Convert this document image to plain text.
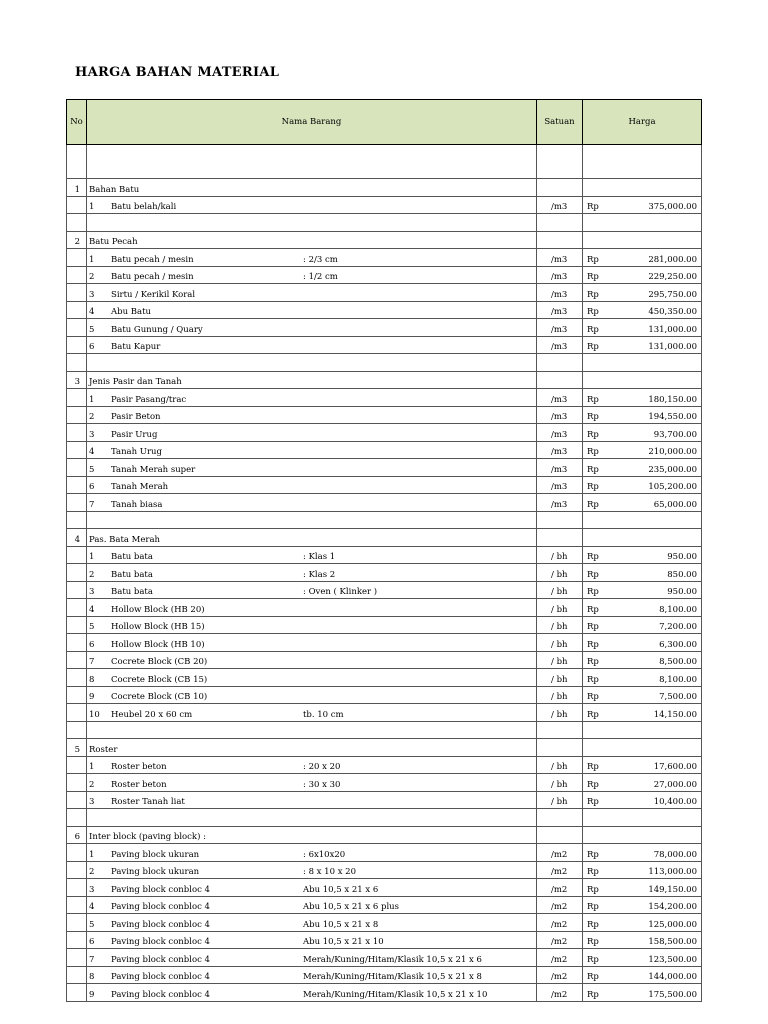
HARGA BAHAN MATERIAL
No	Nama Barang	Satuan	Harga

1	Bahan Batu		

	1 Batu belah/kali	/m3	Rp 375,000.00

2	Batu Pecah		

	1 Batu pecah / mesin : 2/3 cm	/m3	Rp 281,000.00

	2 Batu pecah / mesin : 1/2 cm	/m3	Rp 229,250.00

	3 Sirtu / Kerikil Koral	/m3	Rp 295,750.00

	4 Abu Batu	/m3	Rp 450,350.00

	5 Batu Gunung / Quary	/m3	Rp 131,000.00

	6 Batu Kapur	/m3	Rp 131,000.00

3	Jenis Pasir dan Tanah		

	1 Pasir Pasang/trac	/m3	Rp 180,150.00

	2 Pasir Beton	/m3	Rp 194,550.00

	3 Pasir Urug	/m3	Rp 93,700.00

	4 Tanah Urug	/m3	Rp 210,000.00

	5 Tanah Merah super	/m3	Rp 235,000.00

	6 Tanah Merah	/m3	Rp 105,200.00

	7 Tanah biasa	/m3	Rp 65,000.00

4	Pas. Bata Merah		

	1 Batu bata : Klas 1	/ bh	Rp 950.00

	2 Batu bata : Klas 2	/ bh	Rp 850.00

	3 Batu bata : Oven ( Klinker )	/ bh	Rp 950.00

	4 Hollow Block (HB 20)	/ bh	Rp 8,100.00

	5 Hollow Block (HB 15)	/ bh	Rp 7,200.00

	6 Hollow Block (HB 10)	/ bh	Rp 6,300.00

	7 Cocrete Block (CB 20)	/ bh	Rp 8,500.00

	8 Cocrete Block (CB 15)	/ bh	Rp 8,100.00

	9 Cocrete Block (CB 10)	/ bh	Rp 7,500.00

	10 Heubel 20 x 60 cm tb. 10 cm	/ bh	Rp 14,150.00

5	Roster		

	1 Roster beton : 20 x 20	/ bh	Rp 17,600.00

	2 Roster beton : 30 x 30	/ bh	Rp 27,000.00

	3 Roster Tanah liat	/ bh	Rp 10,400.00

6	Inter block (paving block) :		

	1 Paving block ukuran : 6x10x20	/m2	Rp 78,000.00

	2 Paving block ukuran : 8 x 10 x 20	/m2	Rp 113,000.00

	3 Paving block conbloc 4 Abu 10,5 x 21 x 6	/m2	Rp 149,150.00

	4 Paving block conbloc 4 Abu 10,5 x 21 x 6 plus	/m2	Rp 154,200.00

	5 Paving block conbloc 4 Abu 10,5 x 21 x 8	/m2	Rp 125,000.00

	6 Paving block conbloc 4 Abu 10,5 x 21 x 10	/m2	Rp 158,500.00

	7 Paving block conbloc 4 Merah/Kuning/Hitam/Klasik 10,5 x 21 x 6	/m2	Rp 123,500.00

	8 Paving block conbloc 4 Merah/Kuning/Hitam/Klasik 10,5 x 21 x 8	/m2	Rp 144,000.00

	9 Paving block conbloc 4 Merah/Kuning/Hitam/Klasik 10,5 x 21 x 10	/m2	Rp 175,500.00
